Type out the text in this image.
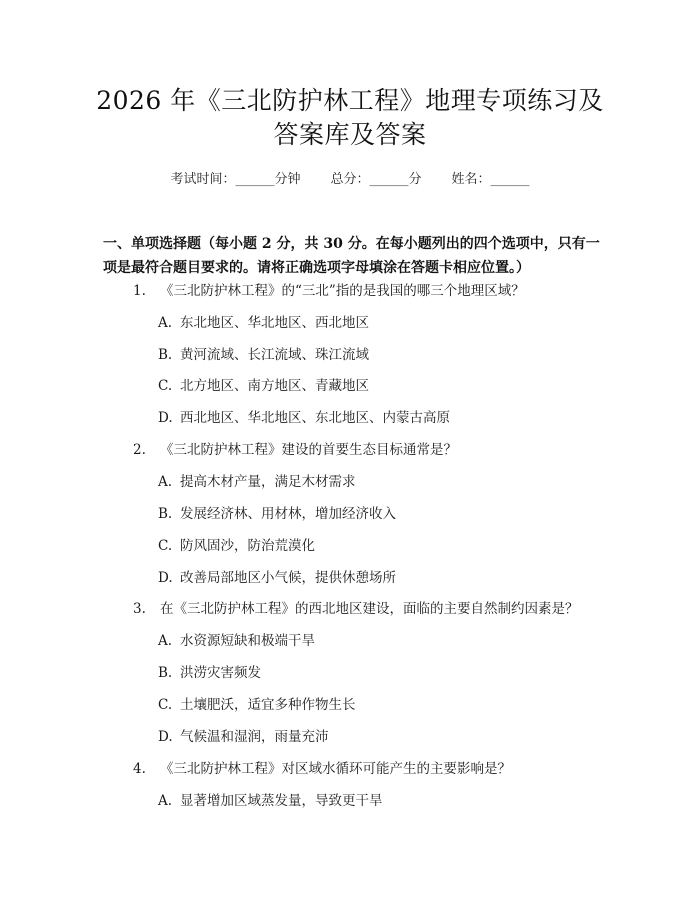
2026 年《三北防护林工程》地理专项练习及
答案库及答案
考试时间：______分钟 总分：______分 姓名：______
一、单项选择题（每小题 2 分，共 30 分。在每小题列出的四个选项中，只有一项是最符合题目要求的。请将正确选项字母填涂在答题卡相应位置。）
1. 《三北防护林工程》的“三北”指的是我国的哪三个地理区域？
A. 东北地区、华北地区、西北地区
B. 黄河流域、长江流域、珠江流域
C. 北方地区、南方地区、青藏地区
D. 西北地区、华北地区、东北地区、内蒙古高原
2. 《三北防护林工程》建设的首要生态目标通常是？
A. 提高木材产量，满足木材需求
B. 发展经济林、用材林，增加经济收入
C. 防风固沙，防治荒漠化
D. 改善局部地区小气候，提供休憩场所
3. 在《三北防护林工程》的西北地区建设，面临的主要自然制约因素是？
A. 水资源短缺和极端干旱
B. 洪涝灾害频发
C. 土壤肥沃，适宜多种作物生长
D. 气候温和湿润，雨量充沛
4. 《三北防护林工程》对区域水循环可能产生的主要影响是？
A. 显著增加区域蒸发量，导致更干旱
